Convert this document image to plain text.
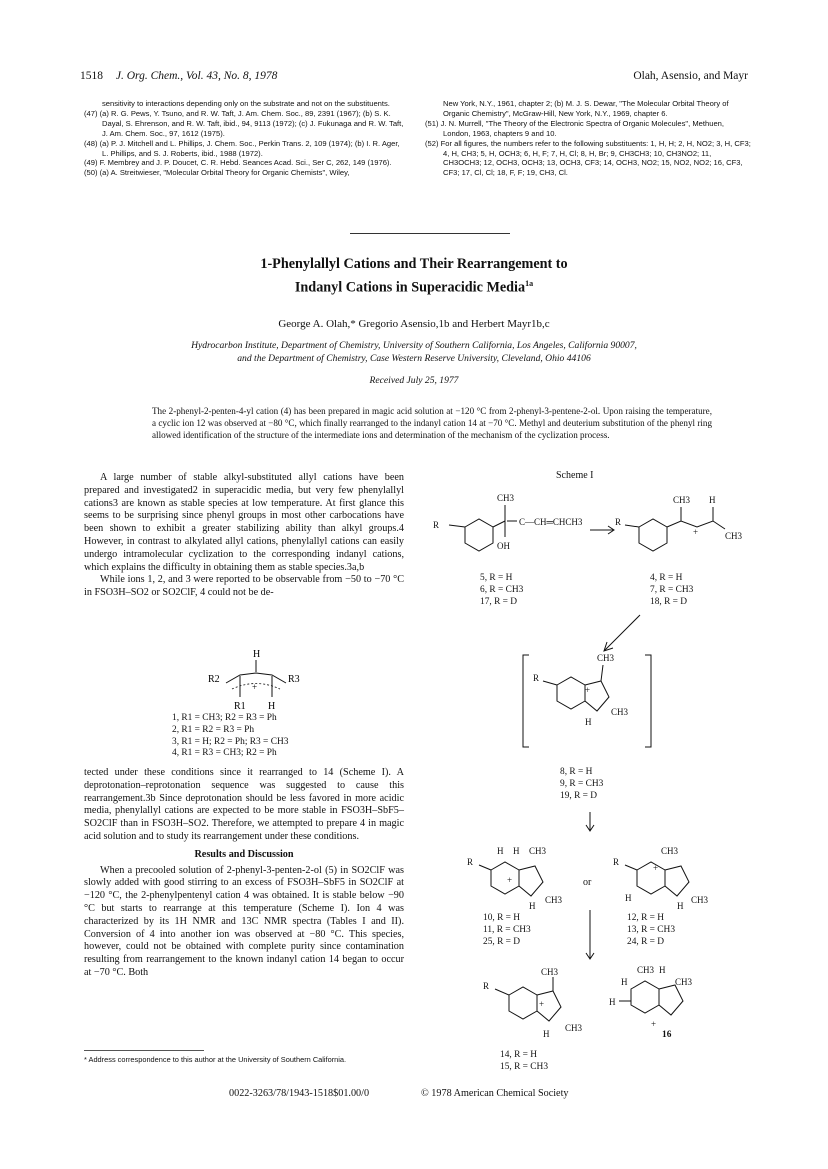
1518 J. Org. Chem., Vol. 43, No. 8, 1978	Olah, Asensio, and Mayr
sensitivity to interactions depending only on the substrate and not on the substituents.
(47) (a) R. G. Pews, Y. Tsuno, and R. W. Taft, J. Am. Chem. Soc., 89, 2391 (1967); (b) S. K. Dayal, S. Ehrenson, and R. W. Taft, ibid., 94, 9113 (1972); (c) J. Fukunaga and R. W. Taft, J. Am. Chem. Soc., 97, 1612 (1975).
(48) (a) P. J. Mitchell and L. Phillips, J. Chem. Soc., Perkin Trans. 2, 109 (1974); (b) I. R. Ager, L. Phillips, and S. J. Roberts, ibid., 1988 (1972).
(49) F. Membrey and J. P. Doucet, C. R. Hebd. Seances Acad. Sci., Ser C, 262, 149 (1976).
(50) (a) A. Streitwieser, "Molecular Orbital Theory for Organic Chemists", Wiley,
New York, N.Y., 1961, chapter 2; (b) M. J. S. Dewar, "The Molecular Orbital Theory of Organic Chemistry", McGraw-Hill, New York, N.Y., 1969, chapter 6.
(51) J. N. Murrell, "The Theory of the Electronic Spectra of Organic Molecules", Methuen, London, 1963, chapters 9 and 10.
(52) For all figures, the numbers refer to the following substituents: 1, H, H; 2, H, NO2; 3, H, CF3; 4, H, CH3; 5, H, OCH3; 6, H, F; 7, H, Cl; 8, H, Br; 9, CH3CH3; 10, CH3NO2; 11, CH3OCH3; 12, OCH3, OCH3; 13, OCH3, CF3; 14, OCH3, NO2; 15, NO2, NO2; 16, CF3, CF3; 17, Cl, Cl; 18, F, F; 19, CH3, Cl.
1-Phenylallyl Cations and Their Rearrangement to
Indanyl Cations in Superacidic Media$^{1a}$
George A. Olah,* Gregorio Asensio,1b and Herbert Mayr1b,c
Hydrocarbon Institute, Department of Chemistry, University of Southern California, Los Angeles, California 90007,
and the Department of Chemistry, Case Western Reserve University, Cleveland, Ohio 44106
Received July 25, 1977
The 2-phenyl-2-penten-4-yl cation (4) has been prepared in magic acid solution at −120 °C from 2-phenyl-3-pentene-2-ol. Upon raising the temperature, a cyclic ion 12 was observed at −80 °C, which finally rearranged to the indanyl cation 14 at −70 °C. Methyl and deuterium substitution of the phenyl ring allowed identification of the structure of the intermediate ions and determination of the mechanism of the cyclization process.

A large number of stable alkyl-substituted allyl cations have been prepared and investigated2 in superacidic media, but very few phenylallyl cations3 are known as stable species at low temperature. At first glance this seems to be surprising since phenyl groups in most other carbocations have been shown to exhibit a greater stabilizing ability than alkyl groups.4 However, in contrast to alkylated allyl cations, phenylallyl cations can easily undergo intramolecular cyclization to the corresponding indanyl cations, which explains the difficulty in obtaining them as stable species.3a,b

While ions 1, 2, and 3 were reported to be observable from −50 to −70 °C in FSO3H–SO2 or SO2ClF, 4 could not be de-

H
+
R2	R3
R1 H
1, R1 = CH3; R2 = R3 = Ph
2, R1 = R2 = R3 = Ph
3, R1 = H; R2 = Ph; R3 = CH3
4, R1 = R3 = CH3; R2 = Ph

tected under these conditions since it rearranged to 14 (Scheme I). A deprotonation–reprotonation sequence was suggested to cause this rearrangement.3b Since deprotonation should be less favored in more acidic media, phenylallyl cations are expected to be more stable in FSO3H–SbF5–SO2ClF than in FSO3H–SO2. Therefore, we attempted to prepare 4 in magic acid solution and to study its rearrangement under these conditions.

Results and Discussion

When a precooled solution of 2-phenyl-3-penten-2-ol (5) in SO2ClF was slowly added with good stirring to an excess of FSO3H–SbF5 in SO2ClF at −120 °C, the 2-phenylpentenyl cation 4 was obtained. It is stable below −90 °C but starts to rearrange at this temperature (Scheme I). Ion 4 was characterized by its 1H NMR and 13C NMR spectra (Tables I and II). Conversion of 4 into another ion was observed at −80 °C. This species, however, could not be obtained with complete purity since contamination resulting from rearrangement to the known indanyl cation 14 began to occur at −70 °C. Both

* Address correspondence to this author at the University of Southern California.
Scheme I
CH3
C—CH═CHCH3
OH
R
CH3 H
CH3
R
+
CH3
R
+
H
CH3
H H CH3
R
+
H
CH3
or
CH3
R
+
H
H
CH3
CH3
R
+
H
CH3
CH3 H
CH3
H
H
+
5, R = H
6, R = CH3
17, R = D
4, R = H
7, R = CH3
18, R = D
8, R = H
9, R = CH3
19, R = D
10, R = H
11, R = CH3
25, R = D
12, R = H
13, R = CH3
24, R = D
14, R = H
15, R = CH3
16
0022-3263/78/1943-1518$01.00/0	© 1978 American Chemical Society
